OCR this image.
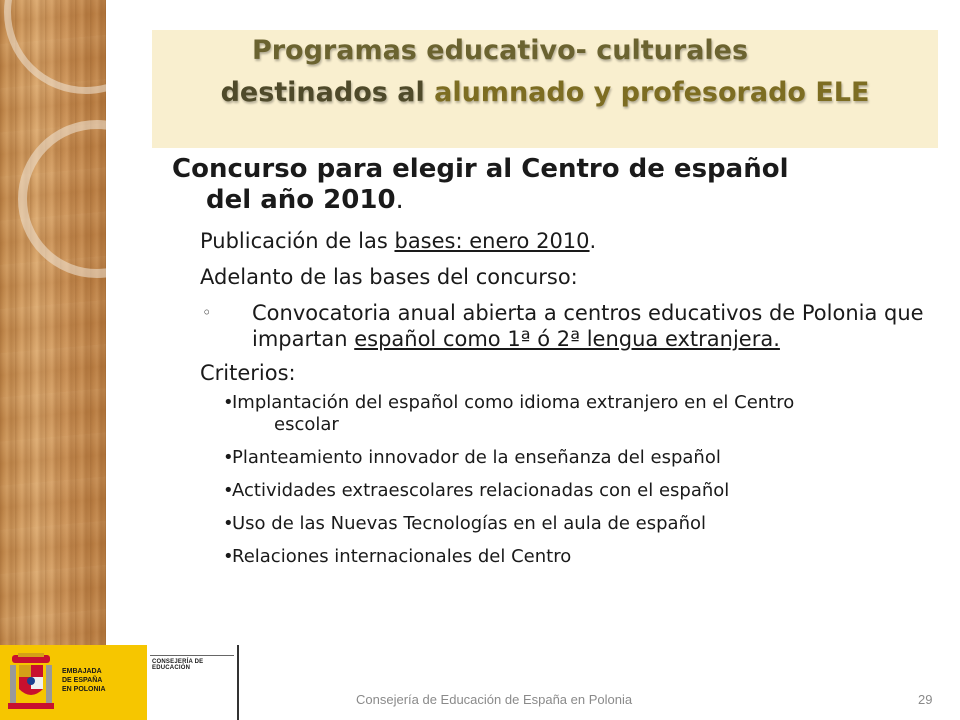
Programas educativo- culturales
destinados al alumnado y profesorado ELE

Concurso para elegir al Centro de español
del año 2010.

Publicación de las bases: enero 2010.

Adelanto de las bases del concurso:

◦ Convocatoria anual abierta a centros educativos de Polonia que impartan español como 1ª ó 2ª lengua extranjera.

Criterios:

•
Implantación del español como idioma extranjero en el Centro
escolar
•
Planteamiento innovador de la enseñanza del español
•
Actividades extraescolares relacionadas con el español
•
Uso de las Nuevas Tecnologías en el aula de español
•
Relaciones internacionales del Centro
EMBAJADA
DE ESPAÑA
EN POLONIA
CONSEJERÍA DE EDUCACIÓN
Consejería de Educación de España en Polonia	29
